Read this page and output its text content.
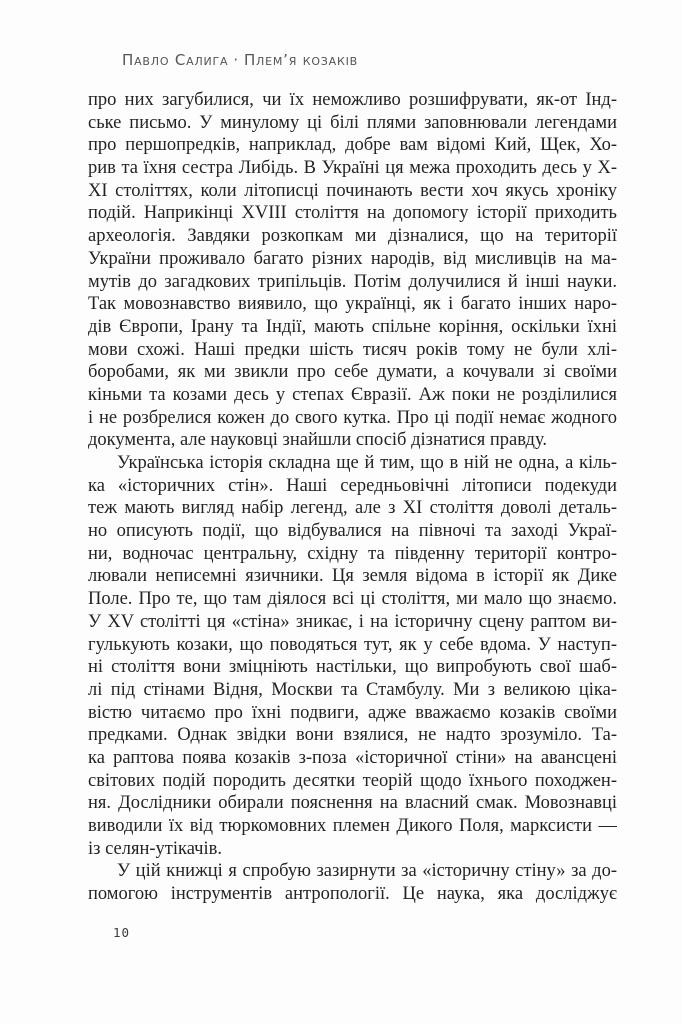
Павло Салига · Плем’я козаків
про них загубилися, чи їх неможливо розшифрувати, як-от Інд-
ське письмо. У минулому ці білі плями заповнювали легендами
про першопредків, наприклад, добре вам відомі Кий, Щек, Хо-
рив та їхня сестра Либідь. В Україні ця межа проходить десь у X-
XI століттях, коли літописці починають вести хоч якусь хроніку
подій. Наприкінці XVIII століття на допомогу історії приходить
археологія. Завдяки розкопкам ми дізналися, що на території
України проживало багато різних народів, від мисливців на ма-
мутів до загадкових трипільців. Потім долучилися й інші науки.
Так мовознавство виявило, що українці, як і багато інших наро-
дів Європи, Ірану та Індії, мають спільне коріння, оскільки їхні
мови схожі. Наші предки шість тисяч років тому не були хлі-
боробами, як ми звикли про себе думати, а кочували зі своїми
кіньми та козами десь у степах Євразії. Аж поки не розділилися
і не розбрелися кожен до свого кутка. Про ці події немає жодного
документа, але науковці знайшли спосіб дізнатися правду.
Українська історія складна ще й тим, що в ній не одна, а кіль-
ка «історичних стін». Наші середньовічні літописи подекуди
теж мають вигляд набір легенд, але з XI століття доволі деталь-
но описують події, що відбувалися на півночі та заході Украї-
ни, водночас центральну, східну та південну території контро-
лювали неписемні язичники. Ця земля відома в історії як Дике
Поле. Про те, що там діялося всі ці століття, ми мало що знаємо.
У XV столітті ця «стіна» зникає, і на історичну сцену раптом ви-
гулькують козаки, що поводяться тут, як у себе вдома. У наступ-
ні століття вони зміцніють настільки, що випробують свої шаб-
лі під стінами Відня, Москви та Стамбулу. Ми з великою ціка-
вістю читаємо про їхні подвиги, адже вважаємо козаків своїми
предками. Однак звідки вони взялися, не надто зрозуміло. Та-
ка раптова поява козаків з-поза «історичної стіни» на авансцені
світових подій породить десятки теорій щодо їхнього походжен-
ня. Дослідники обирали пояснення на власний смак. Мовознавці
виводили їх від тюркомовних племен Дикого Поля, марксисти —
із селян-утікачів.
У цій книжці я спробую зазирнути за «історичну стіну» за до-
помогою інструментів антропології. Це наука, яка досліджує
10
